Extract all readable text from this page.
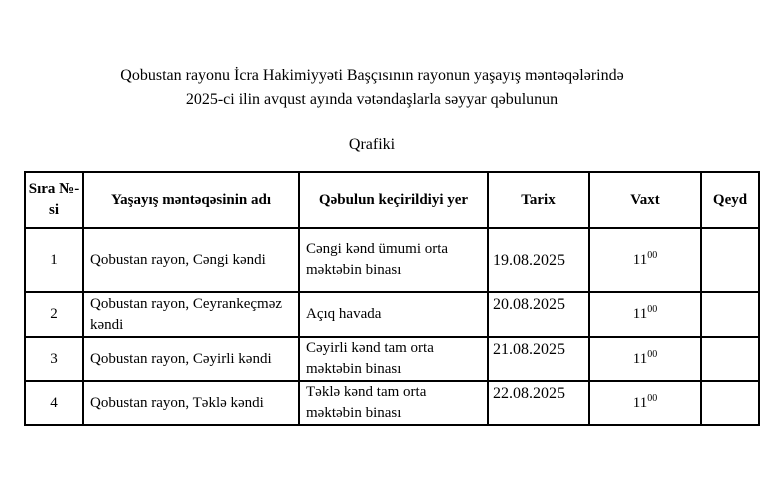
Qobustan rayonu İcra Hakimiyyəti Başçısının rayonun yaşayış məntəqələrində
2025-ci ilin avqust ayında vətəndaşlarla səyyar qəbulunun
Qrafiki
Sıra №-si	Yaşayış məntəqəsinin adı	Qəbulun keçirildiyi yer	Tarix	Vaxt	Qeyd
1	Qobustan rayon, Cəngi kəndi	Cəngi kənd ümumi orta məktəbin binası	19.08.2025	$11^{00}$	
2	Qobustan rayon, Ceyrankeçməz kəndi	Açıq havada	20.08.2025	$11^{00}$	
3	Qobustan rayon, Cəyirli kəndi	Cəyirli kənd tam orta məktəbin binası	21.08.2025	$11^{00}$	
4	Qobustan rayon, Təklə kəndi	Təklə kənd tam orta məktəbin binası	22.08.2025	$11^{00}$	
